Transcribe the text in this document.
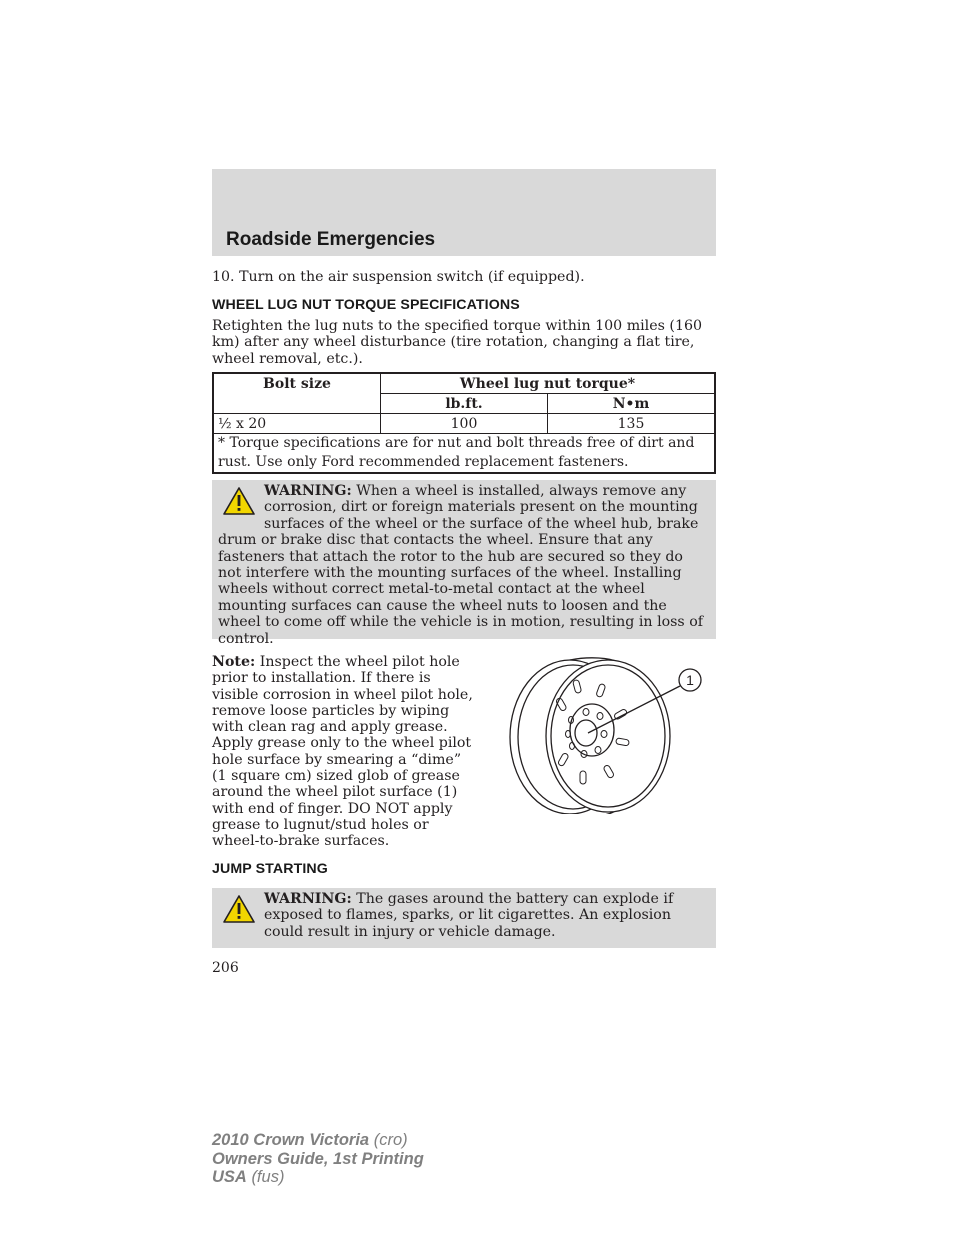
Roadside Emergencies
10. Turn on the air suspension switch (if equipped).
WHEEL LUG NUT TORQUE SPECIFICATIONS
Retighten the lug nuts to the specified torque within 100 miles (160 km) after any wheel disturbance (tire rotation, changing a flat tire, wheel removal, etc.).
Bolt size	Wheel lug nut torque*	
	lb.ft.	N•m
½ x 20	100	135
* Torque specifications are for nut and bolt threads free of dirt and rust. Use only Ford recommended replacement fasteners.		
WARNING: When a wheel is installed, always remove any corrosion, dirt or foreign materials present on the mounting surfaces of the wheel or the surface of the wheel hub, brake drum or brake disc that contacts the wheel. Ensure that any fasteners that attach the rotor to the hub are secured so they do not interfere with the mounting surfaces of the wheel. Installing wheels without correct metal-to-metal contact at the wheel mounting surfaces can cause the wheel nuts to loosen and the wheel to come off while the vehicle is in motion, resulting in loss of control.
Note: Inspect the wheel pilot hole prior to installation. If there is visible corrosion in wheel pilot hole, remove loose particles by wiping with clean rag and apply grease. Apply grease only to the wheel pilot hole surface by smearing a “dime” (1 square cm) sized glob of grease around the wheel pilot surface (1) with end of finger. DO NOT apply grease to lugnut/stud holes or wheel-to-brake surfaces.
1
JUMP STARTING
WARNING: The gases around the battery can explode if exposed to flames, sparks, or lit cigarettes. An explosion could result in injury or vehicle damage.
206
2010 Crown Victoria (cro)
Owners Guide, 1st Printing
USA (fus)
